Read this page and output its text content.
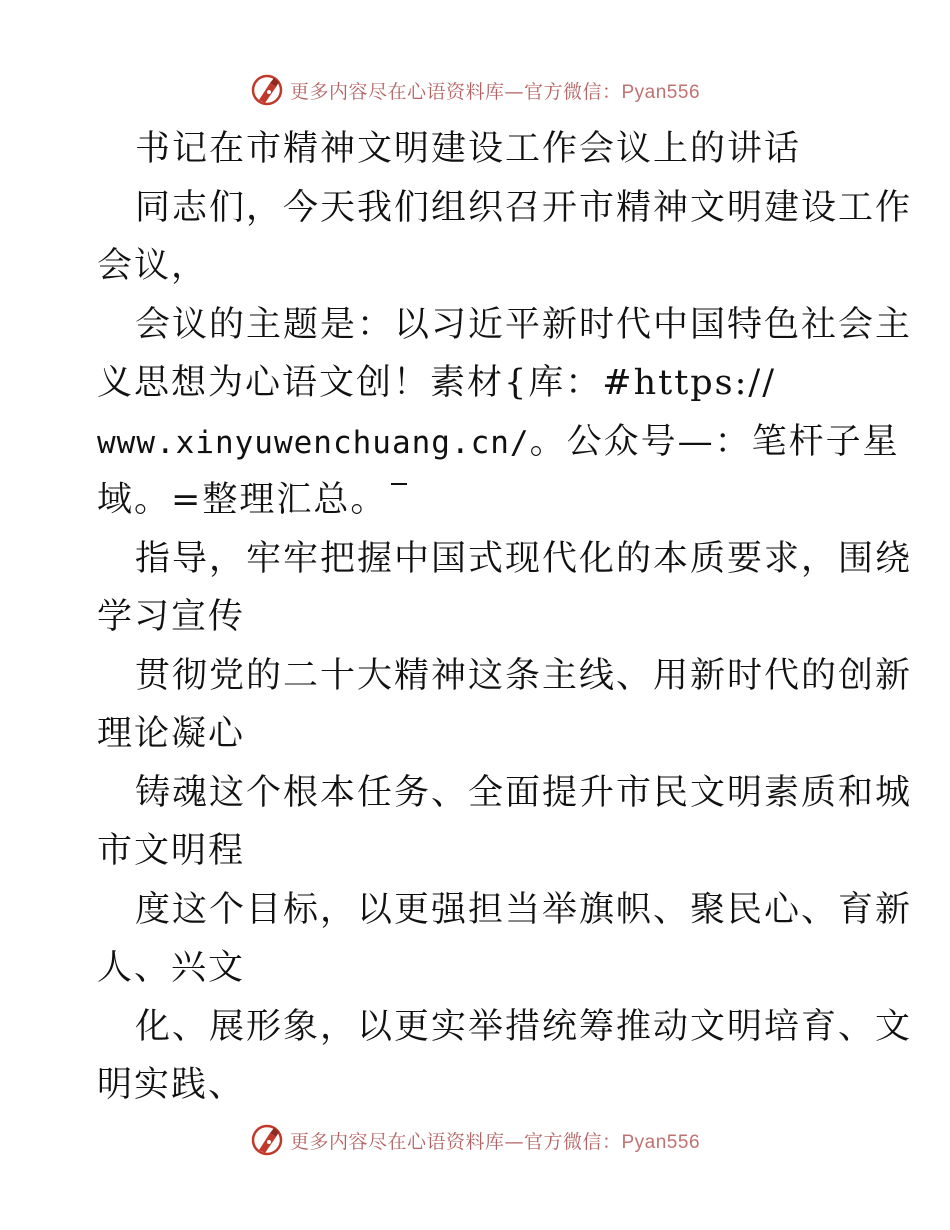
更多内容尽在心语资料库—官方微信：Pyan556
书记在市精神文明建设工作会议上的讲话
同志们，今天我们组织召开市精神文明建设工作
会议，
会议的主题是：以习近平新时代中国特色社会主
义思想为心语文创！素材{库：#https://
www.xinyuwenchuang.cn/。公众号—：笔杆子星
域。=整理汇总。
指导，牢牢把握中国式现代化的本质要求，围绕
学习宣传
贯彻党的二十大精神这条主线、用新时代的创新
理论凝心
铸魂这个根本任务、全面提升市民文明素质和城
市文明程
度这个目标，以更强担当举旗帜、聚民心、育新
人、兴文
化、展形象，以更实举措统筹推动文明培育、文
明实践、
更多内容尽在心语资料库—官方微信：Pyan556
